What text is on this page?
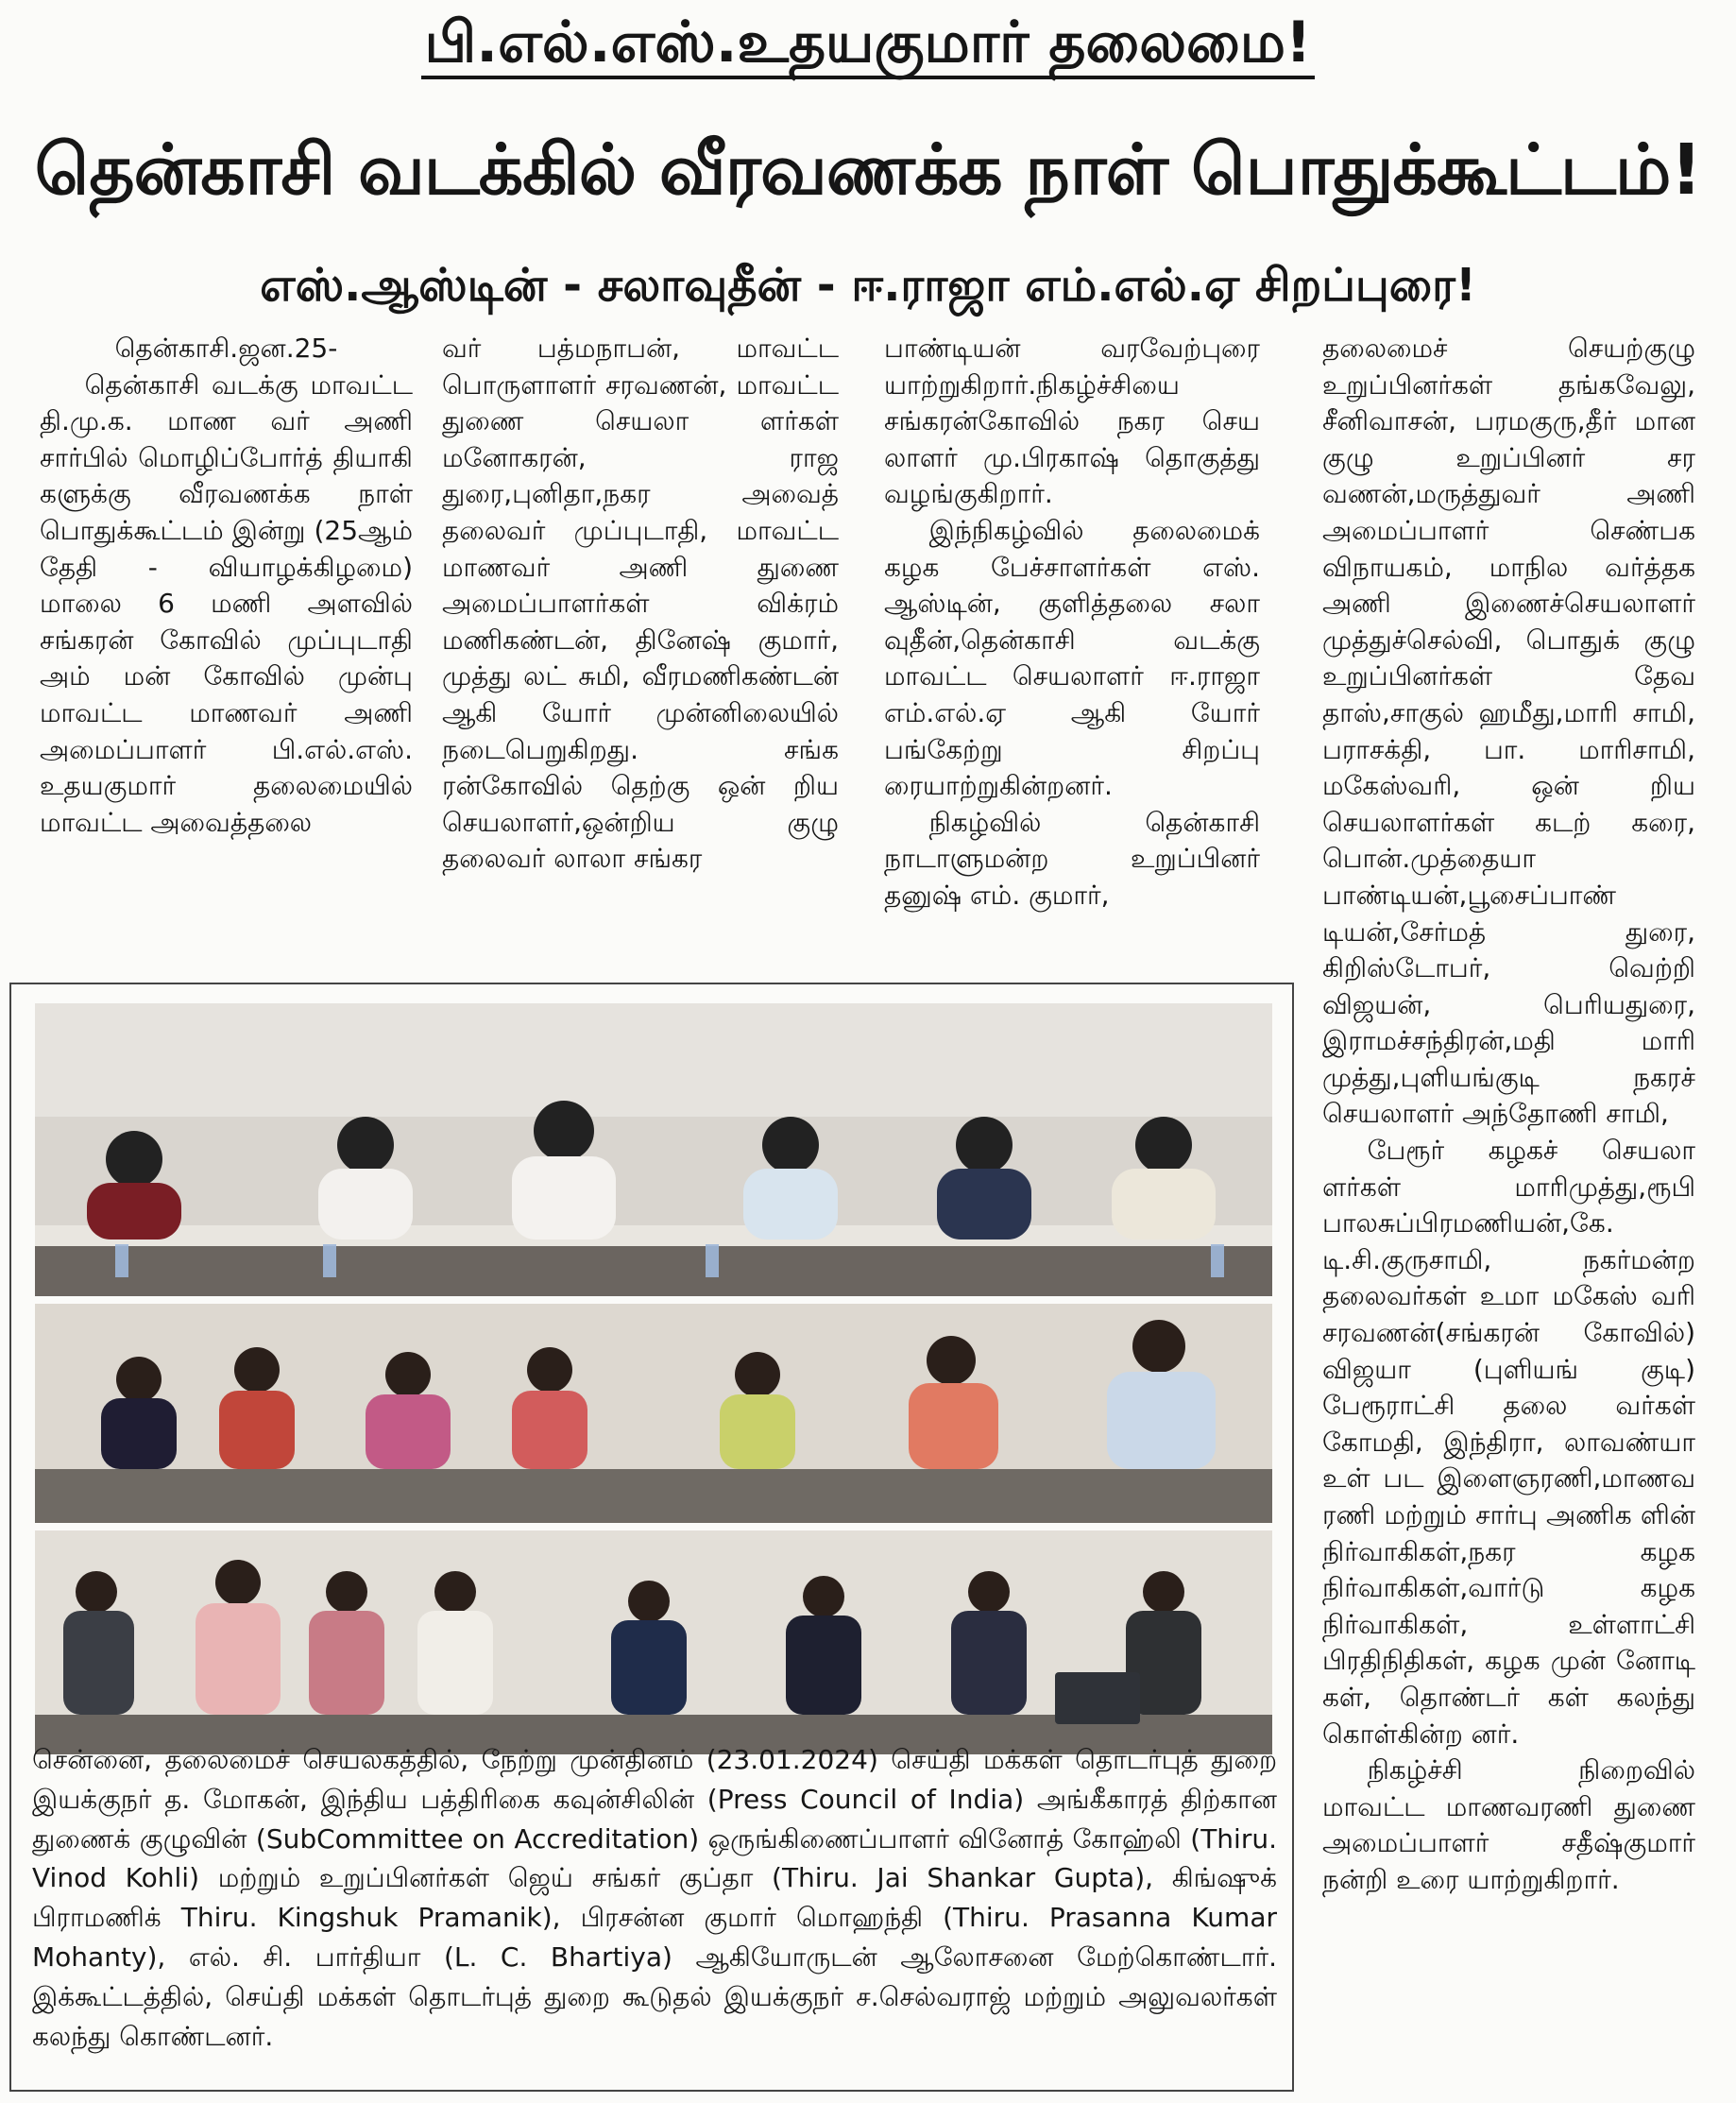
பி.எல்.எஸ்.உதயகுமார் தலைமை!
தென்காசி வடக்கில் வீரவணக்க நாள் பொதுக்கூட்டம்!
எஸ்.ஆஸ்டின் - சலாவுதீன் - ஈ.ராஜா எம்.எல்.ஏ சிறப்புரை!

தென்காசி.ஜன.25-

தென்காசி வடக்கு மாவட்ட தி.மு.க. மாண வர் அணி சார்பில் மொழிப்போர்த் தியாகி களுக்கு வீரவணக்க நாள் பொதுக்கூட்டம் இன்று (25ஆம் தேதி - வியாழக்கிழமை) மாலை 6 மணி அளவில் சங்கரன் கோவில் முப்புடாதி அம் மன் கோவில் முன்பு மாவட்ட மாணவர் அணி அமைப்பாளர் பி.எல்.எஸ். உதயகுமார் தலைமையில் மாவட்ட அவைத்தலை

வர் பத்மநாபன், மாவட்ட பொருளாளர் சரவணன், மாவட்ட துணை செயலா ளர்கள் மனோகரன், ராஜ துரை,புனிதா,நகர அவைத் தலைவர் முப்புடாதி, மாவட்ட மாணவர் அணி துணை அமைப்பாளர்கள் விக்ரம் மணிகண்டன், தினேஷ் குமார், முத்து லட் சுமி, வீரமணிகண்டன் ஆகி யோர் முன்னிலையில் நடைபெறுகிறது. சங்க ரன்கோவில் தெற்கு ஒன் றிய செயலாளர்,ஒன்றிய குழு தலைவர் லாலா சங்கர

பாண்டியன் வரவேற்புரை யாற்றுகிறார்.நிகழ்ச்சியை சங்கரன்கோவில் நகர செய லாளர் மு.பிரகாஷ் தொகுத்து வழங்குகிறார்.

இந்நிகழ்வில் தலைமைக் கழக பேச்சாளர்கள் எஸ். ஆஸ்டின், குளித்தலை சலா வுதீன்,தென்காசி வடக்கு மாவட்ட செயலாளர் ஈ.ராஜா எம்.எல்.ஏ ஆகி யோர் பங்கேற்று சிறப்பு ரையாற்றுகின்றனர்.

நிகழ்வில் தென்காசி நாடாளுமன்ற உறுப்பினர் தனுஷ் எம். குமார்,

தலைமைச் செயற்குழு உறுப்பினர்கள் தங்கவேலு, சீனிவாசன், பரமகுரு,தீர் மான குழு உறுப்பினர் சர வணன்,மருத்துவர் அணி அமைப்பாளர் செண்பக விநாயகம், மாநில வர்த்தக அணி இணைச்செயலாளர் முத்துச்செல்வி, பொதுக் குழு உறுப்பினர்கள் தேவ தாஸ்,சாகுல் ஹமீது,மாரி சாமி, பராசக்தி, பா. மாரிசாமி, மகேஸ்வரி, ஒன் றிய செயலாளர்கள் கடற் கரை, பொன்.முத்தையா பாண்டியன்,பூசைப்பாண் டியன்,சேர்மத் துரை, கிறிஸ்டோபர், வெற்றி விஜயன், பெரியதுரை, இராமச்சந்திரன்,மதி மாரி முத்து,புளியங்குடி நகரச் செயலாளர் அந்தோணி சாமி,

பேரூர் கழகச் செயலா ளர்கள் மாரிமுத்து,ரூபி பாலசுப்பிரமணியன்,கே. டி.சி.குருசாமி, நகர்மன்ற தலைவர்கள் உமா மகேஸ் வரி சரவணன்(சங்கரன் கோவில்) விஜயா (புளியங் குடி) பேரூராட்சி தலை வர்கள் கோமதி, இந்திரா, லாவண்யா உள் பட இளைஞரணி,மாணவ ரணி மற்றும் சார்பு அணிக ளின் நிர்வாகிகள்,நகர கழக நிர்வாகிகள்,வார்டு கழக நிர்வாகிகள், உள்ளாட்சி பிரதிநிதிகள், கழக முன் னோடி கள், தொண்டர் கள் கலந்து கொள்கின்ற னர்.

நிகழ்ச்சி நிறைவில் மாவட்ட மாணவரணி துணை அமைப்பாளர் சதீஷ்குமார் நன்றி உரை யாற்றுகிறார்.

சென்னை, தலைமைச் செயலகத்தில், நேற்று முன்தினம் (23.01.2024) செய்தி மக்கள் தொடர்புத் துறை இயக்குநர் த. மோகன், இந்திய பத்திரிகை கவுன்சிலின் (Press Council of India) அங்கீகாரத் திற்கான துணைக் குழுவின் (SubCommittee on Accreditation) ஒருங்கிணைப்பாளர் வினோத் கோஹ்லி (Thiru. Vinod Kohli) மற்றும் உறுப்பினர்கள் ஜெய் சங்கர் குப்தா (Thiru. Jai Shankar Gupta), கிங்ஷுக் பிராமணிக் Thiru. Kingshuk Pramanik), பிரசன்ன குமார் மொஹந்தி (Thiru. Prasanna Kumar Mohanty), எல். சி. பார்தியா (L. C. Bhartiya) ஆகியோருடன் ஆலோசனை மேற்கொண்டார். இக்கூட்டத்தில், செய்தி மக்கள் தொடர்புத் துறை கூடுதல் இயக்குநர் ச.செல்வராஜ் மற்றும் அலுவலர்கள் கலந்து கொண்டனர்.
